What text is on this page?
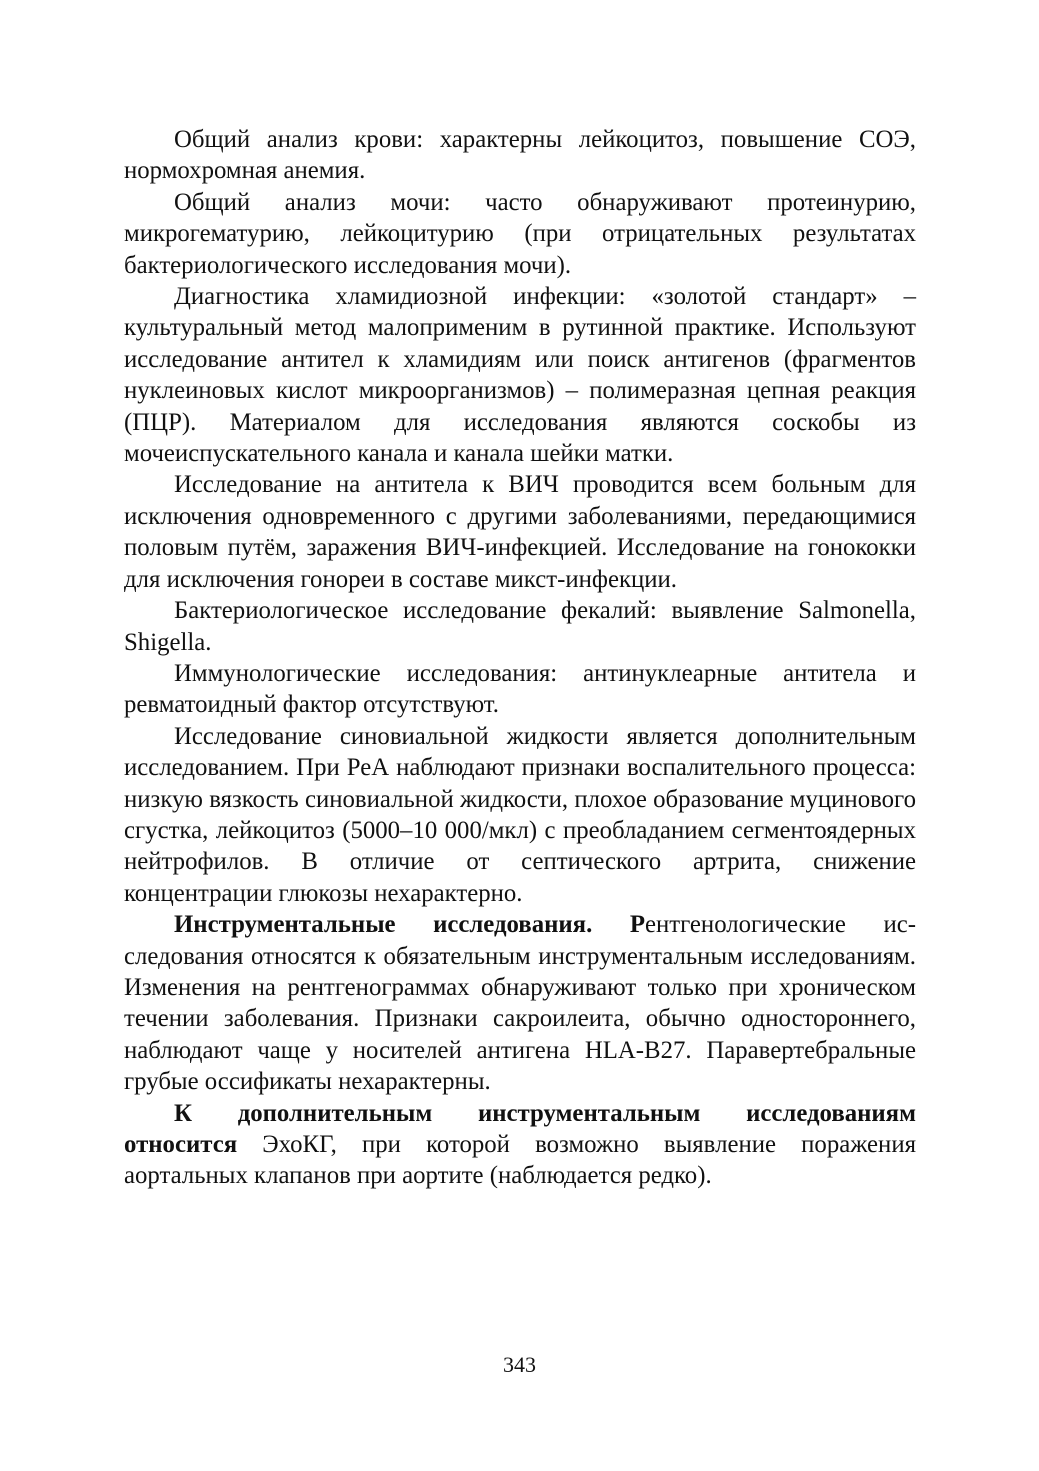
Общий анализ крови: характерны лейкоцитоз, повышение СОЭ, нормохромная анемия.

Общий анализ мочи: часто обнаруживают протеинурию, микрогематурию, лейкоцитурию (при отрицательных результатах бактериологического исследования мочи).

Диагностика хламидиозной инфекции: «золотой стандарт» – культуральный метод малоприменим в рутинной практике. Используют исследование антител к хламидиям или поиск антигенов (фрагментов нуклеиновых кислот микроорганизмов) – полимеразная цепная реакция (ПЦР). Материалом для исследования являются соскобы из мочеиспускательного канала и канала шейки матки.

Исследование на антитела к ВИЧ проводится всем больным для исключения одновременного с другими заболеваниями, передающимися половым путём, заражения ВИЧ-инфекцией. Исследование на гонококки для исключения гонореи в составе микст-инфекции.

Бактериологическое исследование фекалий: выявление Salmonella, Shigella.

Иммунологические исследования: антинуклеарные антитела и ревматоидный фактор отсутствуют.

Исследование синовиальной жидкости является дополнительным исследованием. При РеА наблюдают признаки воспалительного процесса: низкую вязкость синовиальной жидкости, плохое образование муцинового сгустка, лейкоцитоз (5000–10 000/мкл) с преобладанием сегментоядерных нейтрофилов. В отличие от септического артрита, снижение концентрации глюкозы нехарактерно.

Инструментальные исследования. Рентгенологические исследования относятся к обязательным инструментальным исследованиям. Изменения на рентгенограммах обнаруживают только при хроническом течении заболевания. Признаки сакроилеита, обычно одностороннего, наблюдают чаще у носителей антигена HLA-B27. Паравертебральные грубые оссификаты нехарактерны.

К дополнительным инструментальным исследованиям относится ЭхоКГ, при которой возможно выявление поражения аортальных клапанов при аортите (наблюдается редко).

343
